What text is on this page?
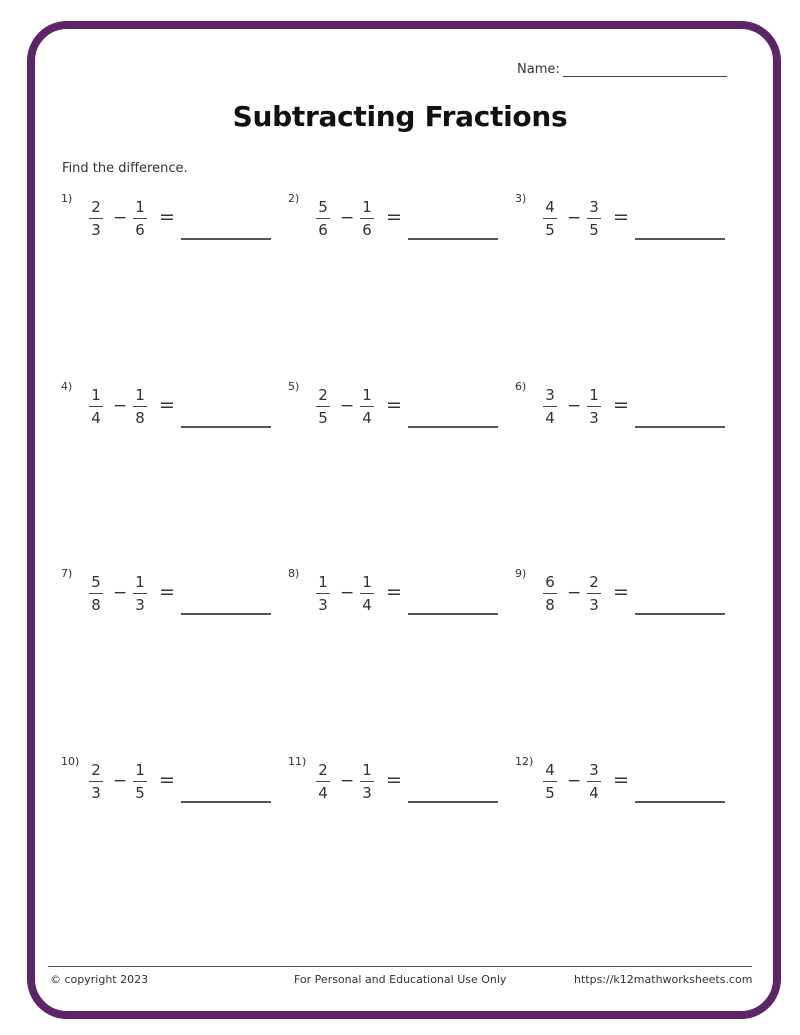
Name:
Subtracting Fractions
Find the difference.
1) 2
3
−
1
6
=
2) 5
6
−
1
6
=
3) 4
5
−
3
5
=
4) 1
4
−
1
8
=
5) 2
5
−
1
4
=
6) 3
4
−
1
3
=
7) 5
8
−
1
3
=
8) 1
3
−
1
4
=
9) 6
8
−
2
3
=
10) 2
3
−
1
5
=
11) 2
4
−
1
3
=
12) 4
5
−
3
4
=
© copyright 2023	For Personal and Educational Use Only	https://k12mathworksheets.com
